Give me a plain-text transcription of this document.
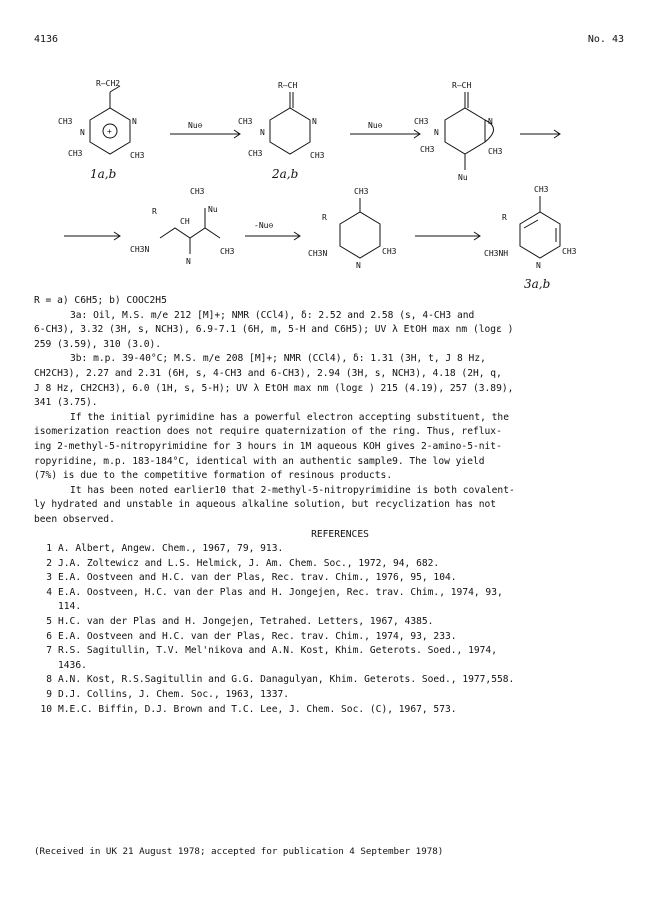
4136	No. 43
R–CH2
CH3
N	+
N
CH3	CH3
1a,b
Nu⊖
R–CH
CH3
N
N
CH3	CH3
2a,b
Nu⊖
R–CH
CH3
N
N
CH3	CH3
Nu
CH3
R	Nu
CH
CH3N
N
CH3
-Nu⊖
CH3
R
CH3N
N
CH3
CH3
R
CH3NH
N
CH3
3a,b

R = a) C6H5; b) COOC2H5

3a: Oil, M.S. m/e 212 [M]+; NMR (CCl4), δ: 2.52 and 2.58 (s, 4-CH3 and

6-CH3), 3.32 (3H, s, NCH3), 6.9-7.1 (6H, m, 5-H and C6H5); UV λ EtOH max nm (logε )

259 (3.59), 310 (3.0).

3b: m.p. 39-40°C; M.S. m/e 208 [M]+; NMR (CCl4), δ: 1.31 (3H, t, J 8 Hz,

CH2CH3), 2.27 and 2.31 (6H, s, 4-CH3 and 6-CH3), 2.94 (3H, s, NCH3), 4.18 (2H, q,

J 8 Hz, CH2CH3), 6.0 (1H, s, 5-H); UV λ EtOH max nm (logε ) 215 (4.19), 257 (3.89),

341 (3.75).

If the initial pyrimidine has a powerful electron accepting substituent, the

isomerization reaction does not require quaternization of the ring. Thus, reflux-

ing 2-methyl-5-nitropyrimidine for 3 hours in 1M aqueous KOH gives 2-amino-5-nit-

ropyridine, m.p. 183-184°C, identical with an authentic sample9. The low yield

(7%) is due to the competitive formation of resinous products.

It has been noted earlier10 that 2-methyl-5-nitropyrimidine is both covalent-

ly hydrated and unstable in aqueous alkaline solution, but recyclization has not

been observed.

REFERENCES

1 A. Albert, Angew. Chem., 1967, 79, 913.
2 J.A. Zoltewicz and L.S. Helmick, J. Am. Chem. Soc., 1972, 94, 682.
3 E.A. Oostveen and H.C. van der Plas, Rec. trav. Chim., 1976, 95, 104.
4 E.A. Oostveen, H.C. van der Plas and H. Jongejen, Rec. trav. Chim., 1974, 93,
114.
5 H.C. van der Plas and H. Jongejen, Tetrahed. Letters, 1967, 4385.
6 E.A. Oostveen and H.C. van der Plas, Rec. trav. Chim., 1974, 93, 233.
7 R.S. Sagitullin, T.V. Mel'nikova and A.N. Kost, Khim. Geterots. Soed., 1974,
1436.
8 A.N. Kost, R.S.Sagitullin and G.G. Danagulyan, Khim. Geterots. Soed., 1977,558.
9 D.J. Collins, J. Chem. Soc., 1963, 1337.
10 M.E.C. Biffin, D.J. Brown and T.C. Lee, J. Chem. Soc. (C), 1967, 573.
(Received in UK 21 August 1978; accepted for publication 4 September 1978)
